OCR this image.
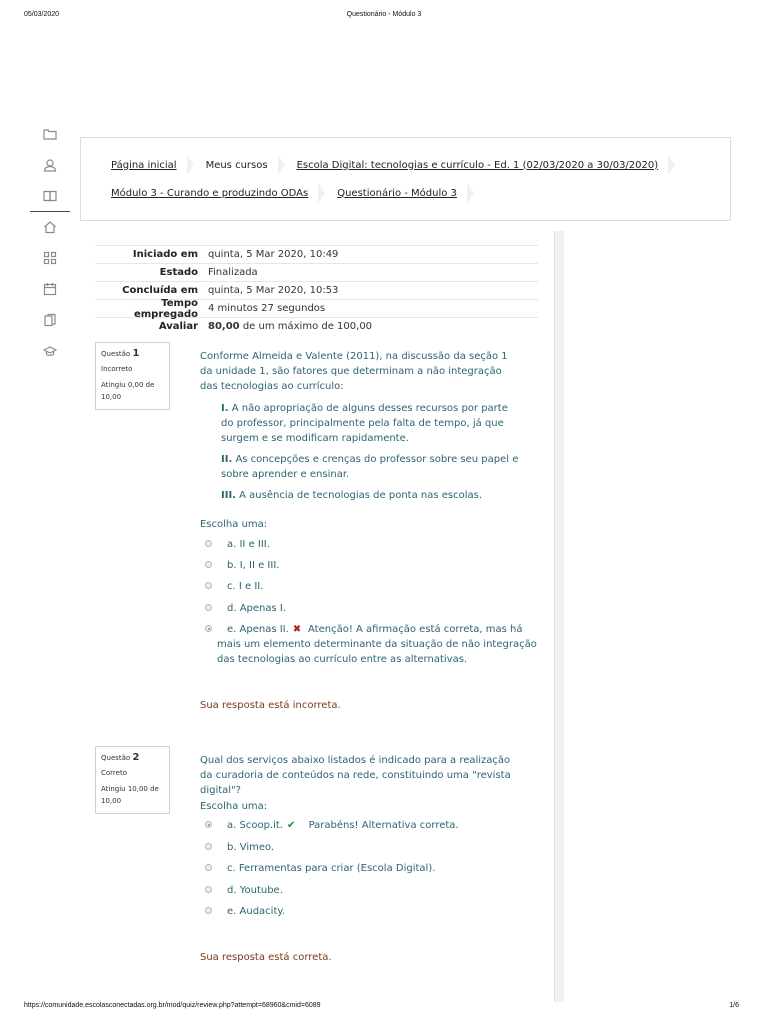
05/03/2020	Questionário - Módulo 3
Página inicial	Meus cursos	Escola Digital: tecnologias e currículo - Ed. 1 (02/03/2020 a 30/03/2020)
Módulo 3 - Curando e produzindo ODAs	Questionário - Módulo 3
Iniciado em	quinta, 5 Mar 2020, 10:49
Estado	Finalizada
Concluída em	quinta, 5 Mar 2020, 10:53
Tempo empregado	4 minutos 27 segundos
Avaliar	80,00 de um máximo de 100,00
Questão 1
Incorreto
Atingiu 0,00 de 10,00
Conforme Almeida e Valente (2011), na discussão da seção 1 da unidade 1, são fatores que determinam a não integração das tecnologias ao currículo:
I. A não apropriação de alguns desses recursos por parte do professor, principalmente pela falta de tempo, já que surgem e se modificam rapidamente.
II. As concepções e crenças do professor sobre seu papel e sobre aprender e ensinar.
III. A ausência de tecnologias de ponta nas escolas.
Escolha uma:
a. II e III.
b. I, II e III.
c. I e II.
d. Apenas I.
e. Apenas II. ✖ Atenção! A afirmação está correta, mas há mais um elemento determinante da situação de não integração das tecnologias ao currículo entre as alternativas.
Sua resposta está incorreta.
Questão 2
Correto
Atingiu 10,00 de 10,00
Qual dos serviços abaixo listados é indicado para a realização da curadoria de conteúdos na rede, constituindo uma "revista digital"?
Escolha uma:
a. Scoop.it. ✔ Parabéns! Alternativa correta.
b. Vimeo.
c. Ferramentas para criar (Escola Digital).
d. Youtube.
e. Audacity.
Sua resposta está correta.
https://comunidade.escolasconectadas.org.br/mod/quiz/review.php?attempt=68960&cmid=6089	1/6
